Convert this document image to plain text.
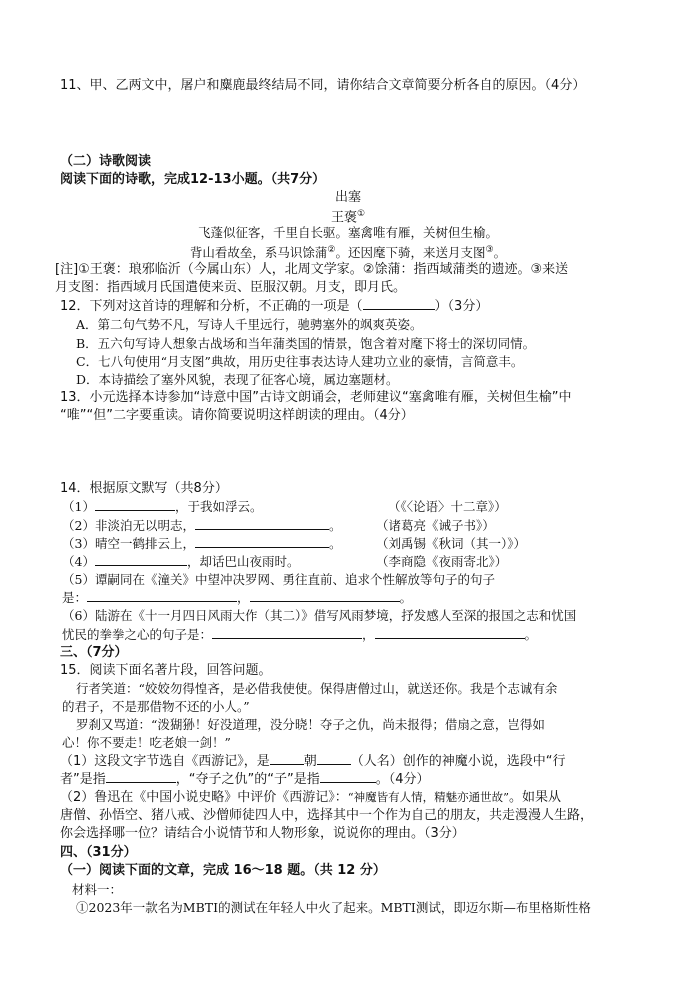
11、甲、乙两文中，屠户和麋鹿最终结局不同，请你结合文章简要分析各自的原因。（4分）
（二）诗歌阅读
阅读下面的诗歌，完成12-13小题。（共7分）
出塞
王褒①
飞蓬似征客，千里自长驱。塞禽唯有雁，关树但生榆。
背山看故垒，系马识馀蒲②。还因麾下骑，来送月支图③。
[注]①王褒：琅邪临沂（今属山东）人，北周文学家。②馀蒲：指西域蒲类的遗迹。③来送
月支图：指西域月氏国遣使来贡、臣服汉朝。月支，即月氏。
12．下列对这首诗的理解和分析，不正确的一项是（	）（3分）
A．第二句气势不凡，写诗人千里远行，驰骋塞外的飒爽英姿。
B．五六句写诗人想象古战场和当年蒲类国的情景，饱含着对麾下将士的深切同情。
C．七八句使用“月支图”典故，用历史往事表达诗人建功立业的豪情，言简意丰。
D．本诗描绘了塞外风貌，表现了征客心境，属边塞题材。
13．小元选择本诗参加“诗意中国”古诗文朗诵会，老师建议“塞禽唯有雁，关树但生榆”中
“唯”“但”二字要重读。请你简要说明这样朗读的理由。（4分）
14．根据原文默写（共8分）
（1）	，于我如浮云。	（《〈论语〉十二章》）
（2）非淡泊无以明志，	。	（诸葛亮《诫子书》）
（3）晴空一鹤排云上，	。	（刘禹锡《秋词（其一）》）
（4）	，却话巴山夜雨时。	（李商隐《夜雨寄北》）
（5）谭嗣同在《潼关》中望冲决罗网、勇往直前、追求个性解放等句子的句子
是：	，	。
（6）陆游在《十一月四日风雨大作（其二）》借写风雨梦境，抒发感人至深的报国之志和忧国
忧民的拳拳之心的句子是：	，	。
三、（7分）
15．阅读下面名著片段，回答问题。
行者笑道：“姣姣勿得惶吝，是必借我使使。保得唐僧过山，就送还你。我是个志诚有余
的君子，不是那借物不还的小人。”
罗刹又骂道：“泼猢狲！好没道理，没分晓！夺子之仇，尚未报得；借扇之意，岂得如
心！你不要走！吃老娘一剑！”
（1）这段文字节选自《西游记》，是	朝	（人名）创作的神魔小说，选段中“行
者”是指	，“夺子之仇”的“子”是指	。（4分）
（2）鲁迅在《中国小说史略》中评价《西游记》：“神魔皆有人情，精魅亦通世故”。如果从
唐僧、孙悟空、猪八戒、沙僧师徒四人中，选择其中一个作为自己的朋友，共走漫漫人生路，
你会选择哪一位？请结合小说情节和人物形象，说说你的理由。（3分）
四、（31分）
（一）阅读下面的文章，完成 16～18 题。（共 12 分）
材料一：
①2023年一款名为MBTI的测试在年轻人中火了起来。MBTI测试，即迈尔斯—布里格斯性格
